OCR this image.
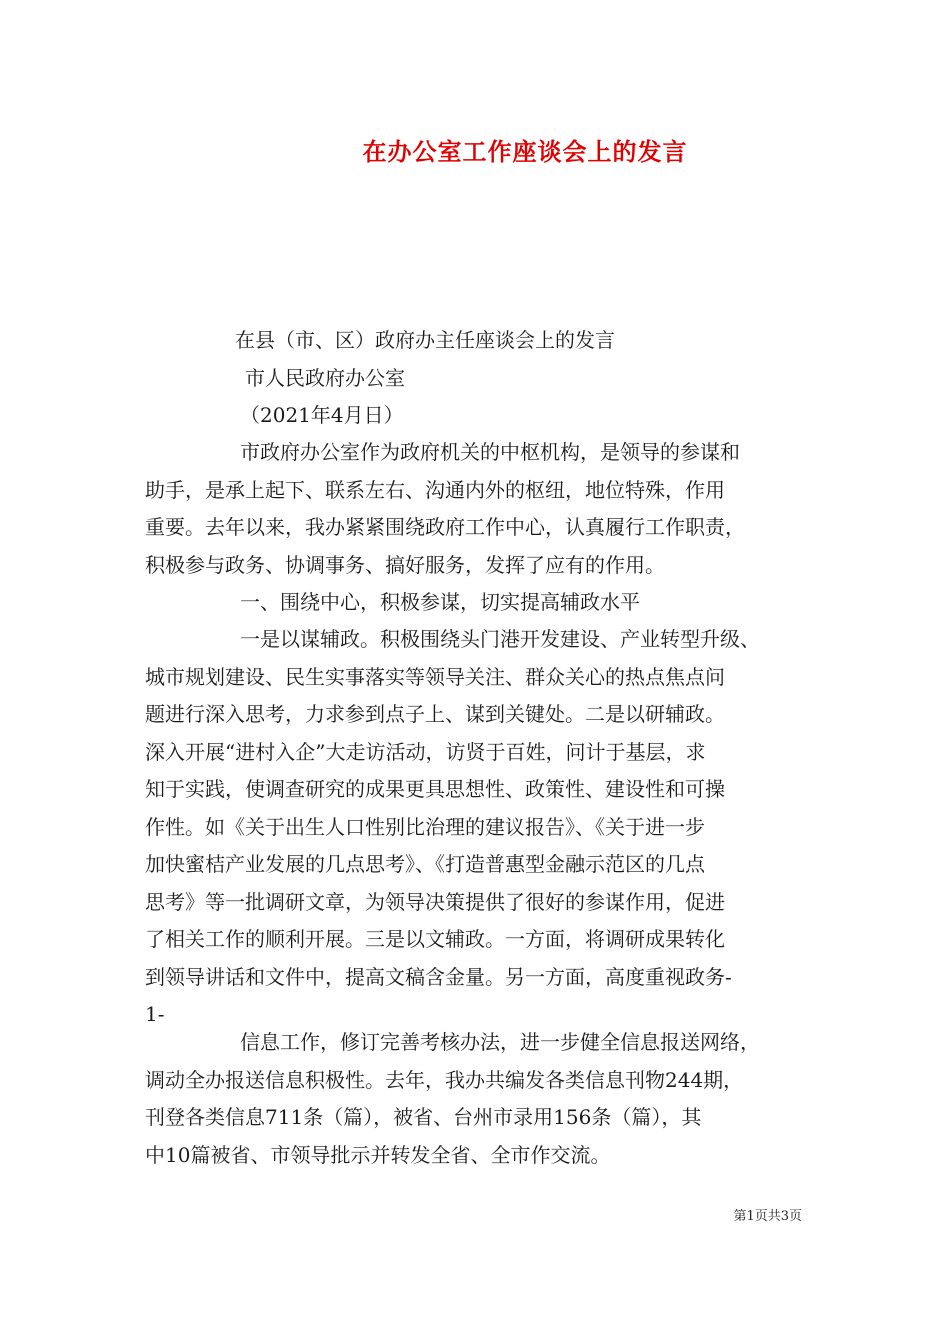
在办公室工作座谈会上的发言
在县（市、区）政府办主任座谈会上的发言
市人民政府办公室
（2021年4月日）
市政府办公室作为政府机关的中枢机构，是领导的参谋和
助手，是承上起下、联系左右、沟通内外的枢纽，地位特殊，作用
重要。去年以来，我办紧紧围绕政府工作中心，认真履行工作职责，
积极参与政务、协调事务、搞好服务，发挥了应有的作用。
一、围绕中心，积极参谋，切实提高辅政水平
一是以谋辅政。积极围绕头门港开发建设、产业转型升级、
城市规划建设、民生实事落实等领导关注、群众关心的热点焦点问
题进行深入思考，力求参到点子上、谋到关键处。二是以研辅政。
深入开展“进村入企”大走访活动，访贤于百姓，问计于基层，求
知于实践，使调查研究的成果更具思想性、政策性、建设性和可操
作性。如《关于出生人口性别比治理的建议报告》、《关于进一步
加快蜜桔产业发展的几点思考》、《打造普惠型金融示范区的几点
思考》等一批调研文章，为领导决策提供了很好的参谋作用，促进
了相关工作的顺利开展。三是以文辅政。一方面，将调研成果转化
到领导讲话和文件中，提高文稿含金量。另一方面，高度重视政务-
1-
信息工作，修订完善考核办法，进一步健全信息报送网络，
调动全办报送信息积极性。去年，我办共编发各类信息刊物244期，
刊登各类信息711条（篇），被省、台州市录用156条（篇），其
中10篇被省、市领导批示并转发全省、全市作交流。
第1页共3页
